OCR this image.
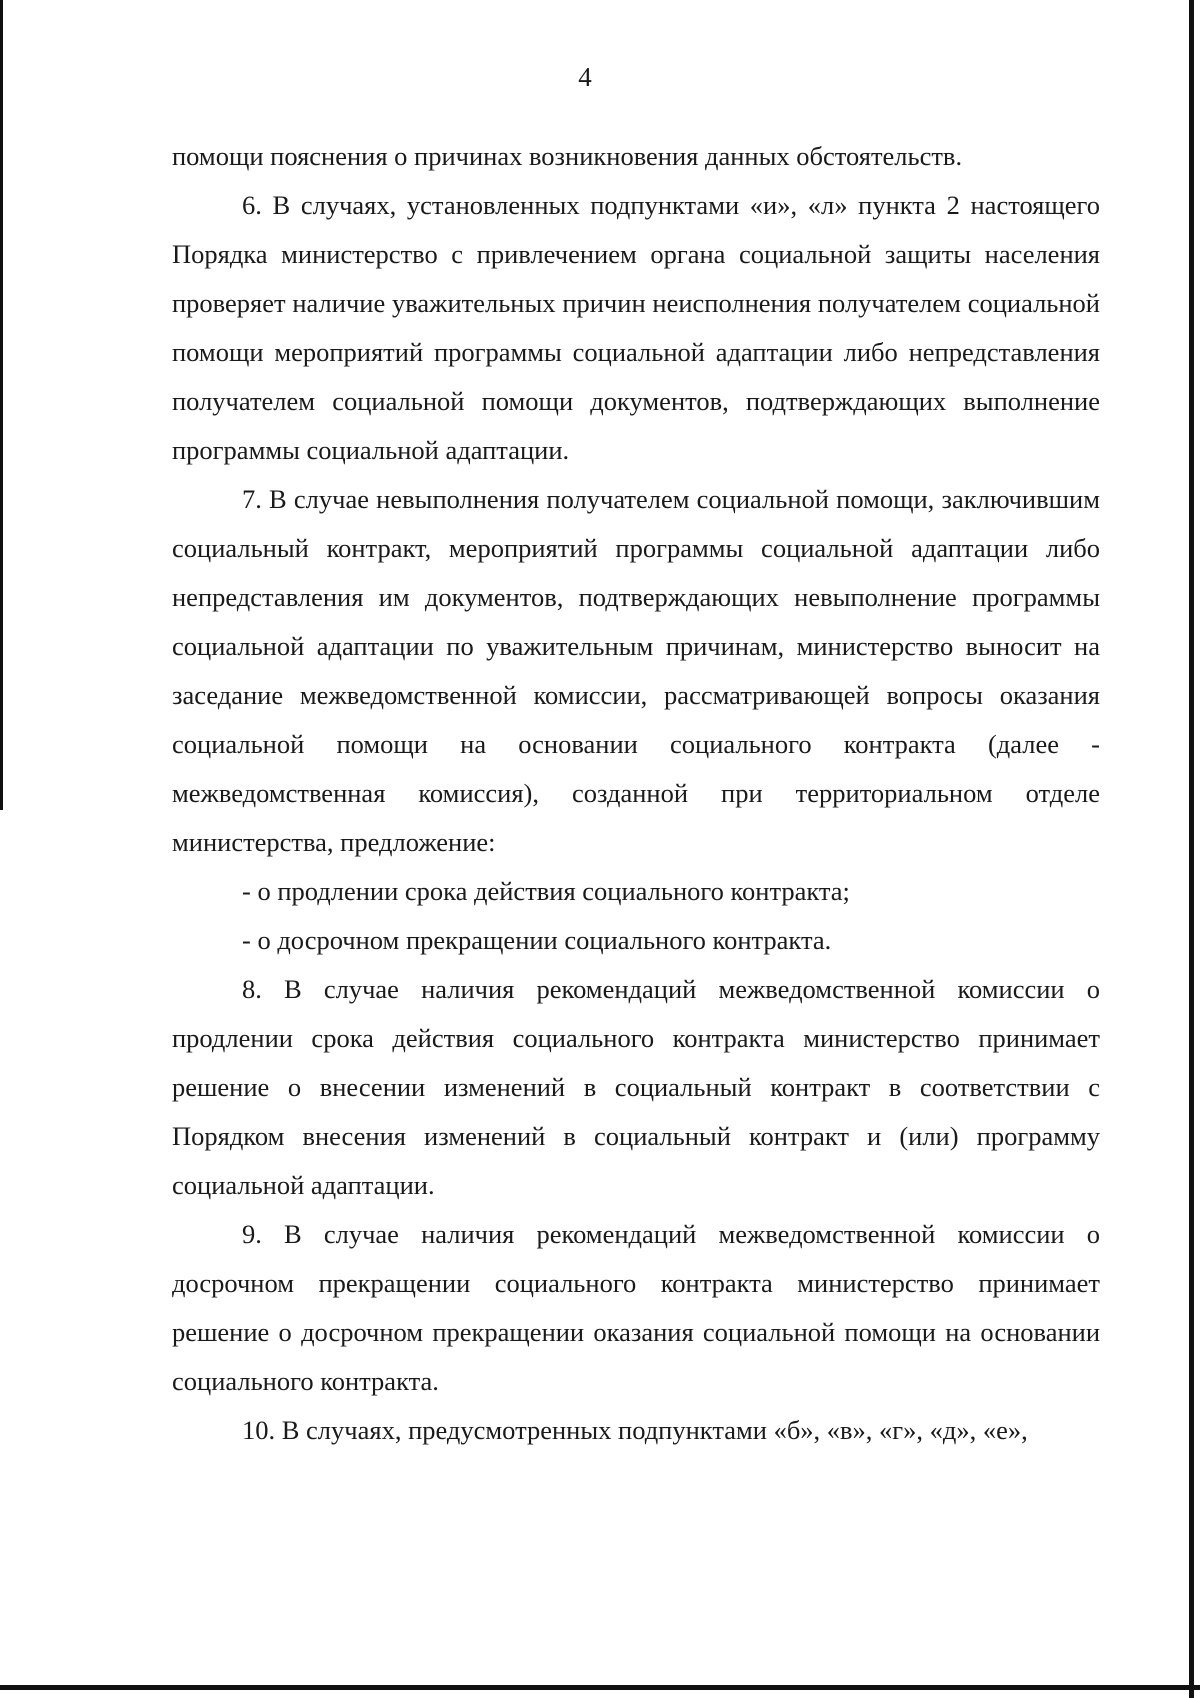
4

помощи пояснения о причинах возникновения данных обстоятельств.

6. В случаях, установленных подпунктами «и», «л» пункта 2 настоящего Порядка министерство с привлечением органа социальной защиты населения проверяет наличие уважительных причин неисполнения получателем социальной помощи мероприятий программы социальной адаптации либо непредставления получателем социальной помощи документов, подтверждающих выполнение программы социальной адаптации.

7. В случае невыполнения получателем социальной помощи, заключившим социальный контракт, мероприятий программы социальной адаптации либо непредставления им документов, подтверждающих невыполнение программы социальной адаптации по уважительным причинам, министерство выносит на заседание межведомственной комиссии, рассматривающей вопросы оказания социальной помощи на основании социального контракта (далее - межведомственная комиссия), созданной при территориальном отделе министерства, предложение:

- о продлении срока действия социального контракта;

- о досрочном прекращении социального контракта.

8. В случае наличия рекомендаций межведомственной комиссии о продлении срока действия социального контракта министерство принимает решение о внесении изменений в социальный контракт в соответствии с Порядком внесения изменений в социальный контракт и (или) программу социальной адаптации.

9. В случае наличия рекомендаций межведомственной комиссии о досрочном прекращении социального контракта министерство принимает решение о досрочном прекращении оказания социальной помощи на основании социального контракта.

10. В случаях, предусмотренных подпунктами «б», «в», «г», «д», «е»,
